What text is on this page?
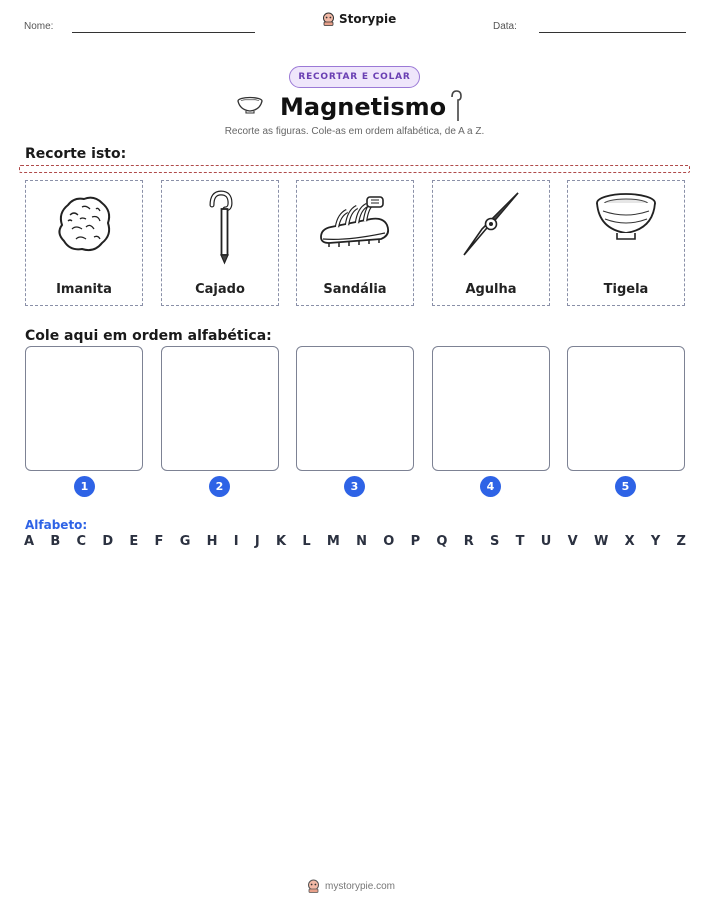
Nome:
Storypie
Data:
RECORTAR E COLAR
Magnetismo
Recorte as figuras. Cole-as em ordem alfabética, de A a Z.
Recorte isto:
Imanita	Cajado	Sandália	Agulha	Tigela
Cole aqui em ordem alfabética:
1	2	3	4	5
Alfabeto:
A B C D E F G H I J K L M N O P Q R S T U V W X Y Z
mystorypie.com
